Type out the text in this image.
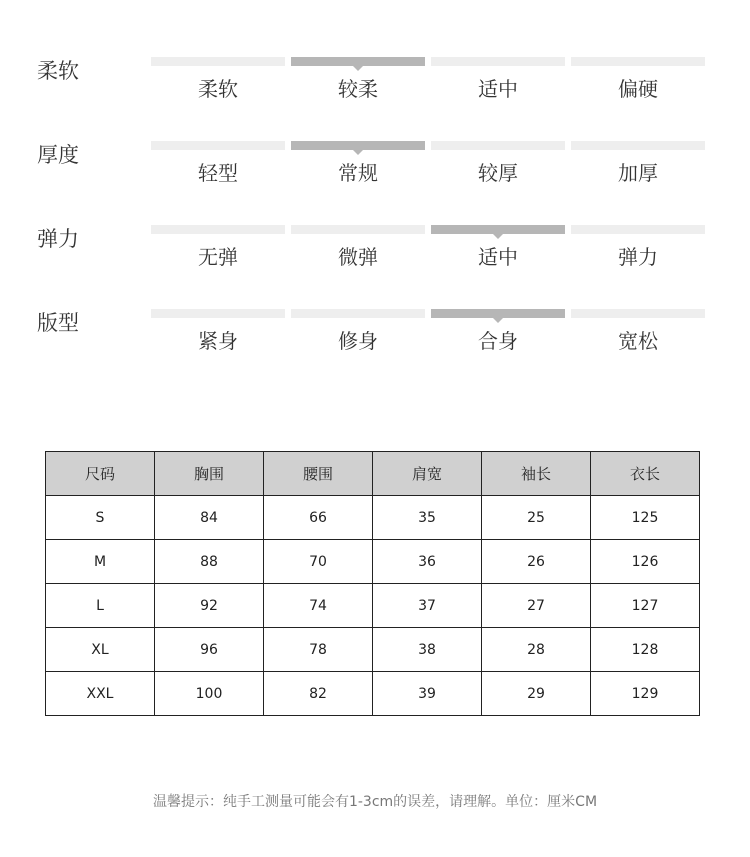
柔软
柔软	较柔	适中	偏硬
厚度
轻型	常规	较厚	加厚
弹力
无弹	微弹	适中	弹力
版型
紧身	修身	合身	宽松
尺码	胸围	腰围	肩宽	袖长	衣长
S	84	66	35	25	125
M	88	70	36	26	126
L	92	74	37	27	127
XL	96	78	38	28	128
XXL	100	82	39	29	129
温馨提示：纯手工测量可能会有1-3cm的误差，请理解。单位：厘米CM
